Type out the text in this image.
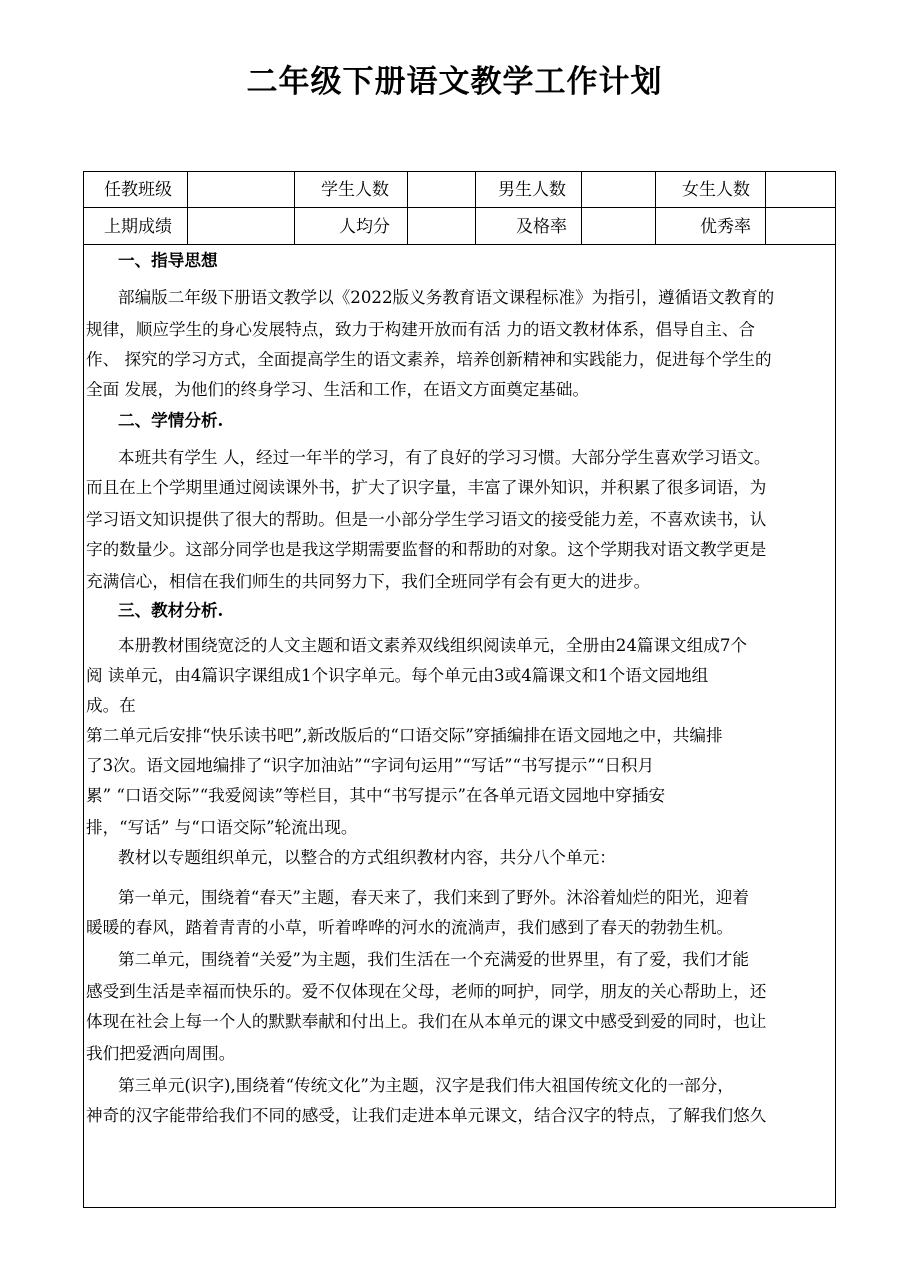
二年级下册语文教学工作计划
任教班级	学生人数	男生人数	女生人数
上期成绩	人均分	及格率	优秀率
一、指导思想
部编版二年级下册语文教学以《2022版义务教育语文课程标准》为指引，遵循语文教育的
规律，顺应学生的身心发展特点，致力于构建开放而有活 力的语文教材体系，倡导自主、合
作、 探究的学习方式，全面提高学生的语文素养，培养创新精神和实践能力，促进每个学生的
全面 发展，为他们的终身学习、生活和工作，在语文方面奠定基础。
二、学情分析.
本班共有学生 人，经过一年半的学习，有了良好的学习习惯。大部分学生喜欢学习语文。
而且在上个学期里通过阅读课外书，扩大了识字量，丰富了课外知识，并积累了很多词语，为
学习语文知识提供了很大的帮助。但是一小部分学生学习语文的接受能力差，不喜欢读书，认
字的数量少。这部分同学也是我这学期需要监督的和帮助的对象。这个学期我对语文教学更是
充满信心，相信在我们师生的共同努力下，我们全班同学有会有更大的进步。
三、教材分析.
本册教材围绕宽泛的人文主题和语文素养双线组织阅读单元，全册由24篇课文组成7个
阅 读单元，由4篇识字课组成1个识字单元。每个单元由3或4篇课文和1个语文园地组
成。在
第二单元后安排“快乐读书吧”,新改版后的“口语交际”穿插编排在语文园地之中，共编排
了3次。语文园地编排了“识字加油站”“字词句运用”“写话”“书写提示”“日积月
累” “口语交际”“我爱阅读”等栏目，其中“书写提示”在各单元语文园地中穿插安
排，“写话” 与“口语交际”轮流出现。
教材以专题组织单元，以整合的方式组织教材内容，共分八个单元：
第一单元，围绕着“春天”主题，春天来了，我们来到了野外。沐浴着灿烂的阳光，迎着
暖暖的春风，踏着青青的小草，听着哗哗的河水的流淌声，我们感到了春天的勃勃生机。
第二单元，围绕着“关爱”为主题，我们生活在一个充满爱的世界里，有了爱，我们才能
感受到生活是幸福而快乐的。爱不仅体现在父母，老师的呵护，同学，朋友的关心帮助上，还
体现在社会上每一个人的默默奉献和付出上。我们在从本单元的课文中感受到爱的同时，也让
我们把爱洒向周围。
第三单元(识字),围绕着“传统文化”为主题，汉字是我们伟大祖国传统文化的一部分，
神奇的汉字能带给我们不同的感受，让我们走进本单元课文，结合汉字的特点，了解我们悠久
